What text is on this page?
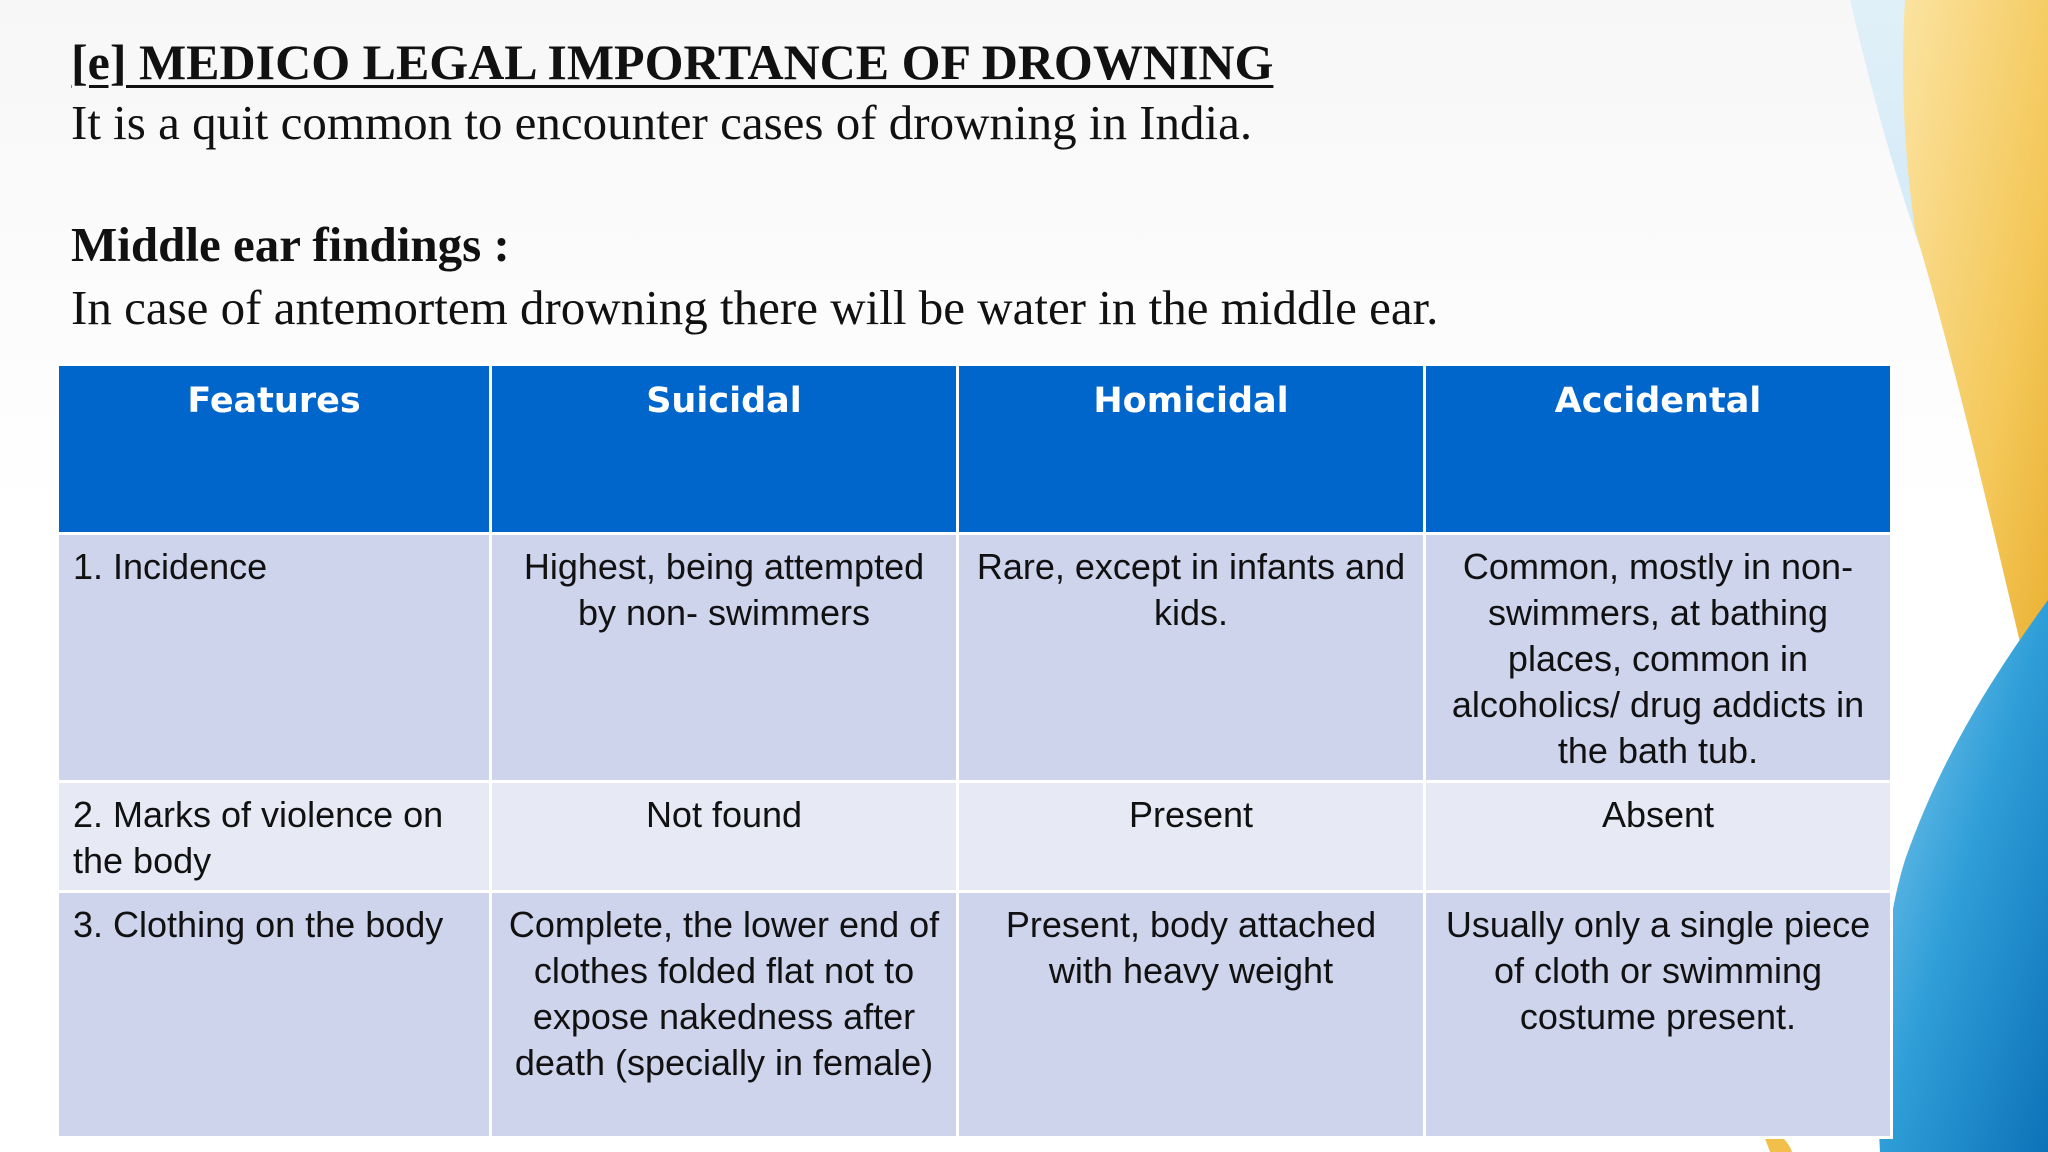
[e] MEDICO LEGAL IMPORTANCE OF DROWNING

It is a quit common to encounter cases of drowning in India.

Middle ear findings :

In case of antemortem drowning there will be water in the middle ear.

Features	Suicidal	Homicidal	Accidental
1. Incidence	Highest, being attempted by non- swimmers	Rare, except in infants and kids.	Common, mostly in non-swimmers, at bathing places, common in alcoholics/ drug addicts in the bath tub.
2. Marks of violence on the body	Not found	Present	Absent
3. Clothing on the body	Complete, the lower end of clothes folded flat not to expose nakedness after death (specially in female)	Present, body attached with heavy weight	Usually only a single piece of cloth or swimming costume present.
